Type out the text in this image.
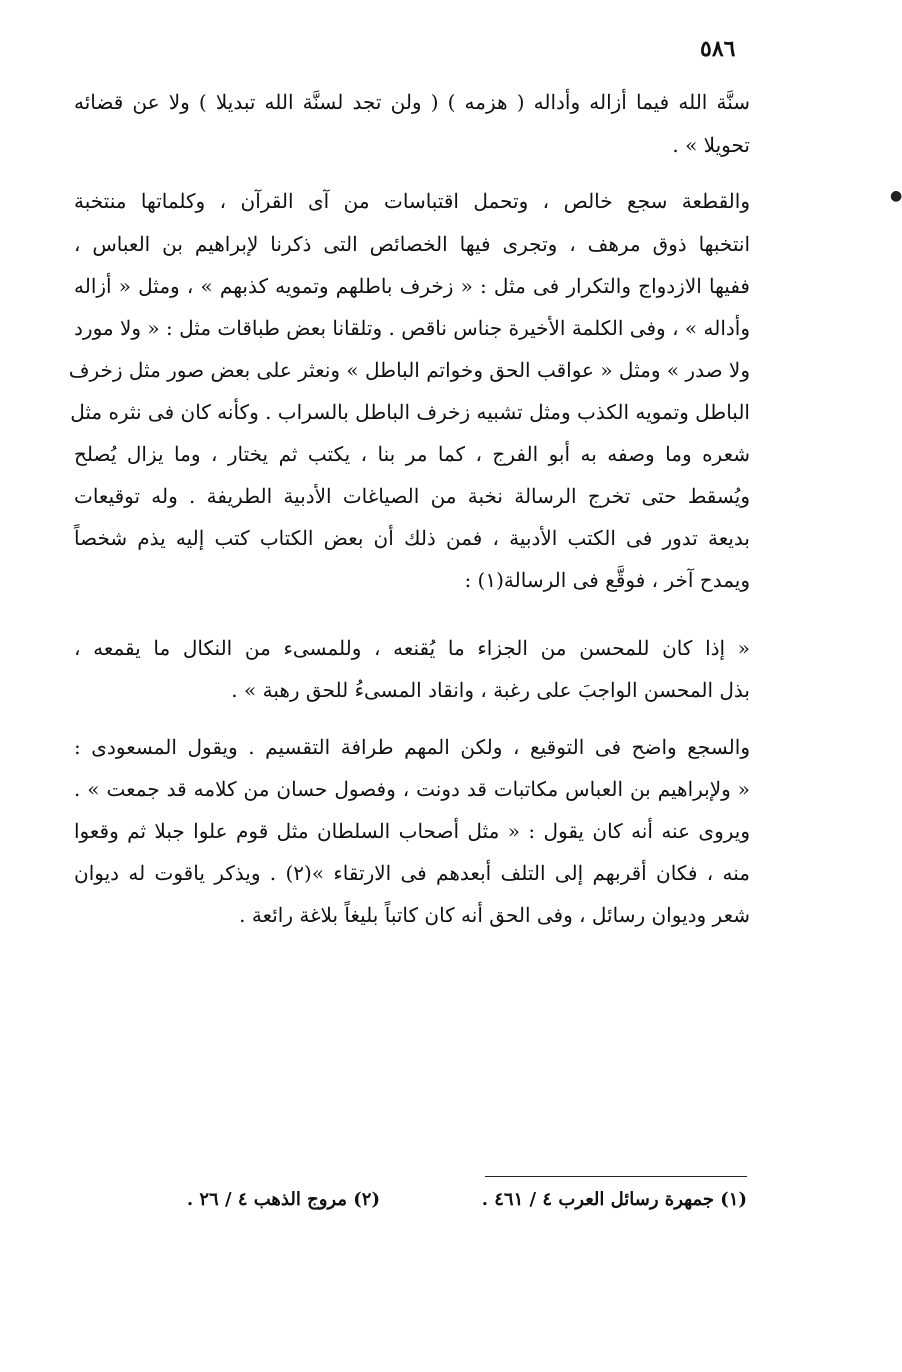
٥٨٦
سنَّة الله فيما أزاله وأداله ( هزمه ) ( ولن تجد لسنَّة الله تبديلا ) ولا عن قضائه
تحويلا » .
والقطعة سجع خالص ، وتحمل اقتباسات من آى القرآن ، وكلماتها منتخبة
انتخبها ذوق مرهف ، وتجرى فيها الخصائص التى ذكرنا لإبراهيم بن العباس ،
ففيها الازدواج والتكرار فى مثل : « زخرف باطلهم وتمويه كذبهم » ، ومثل « أزاله
وأداله » ، وفى الكلمة الأخيرة جناس ناقص . وتلقانا بعض طباقات مثل : « ولا مورد
ولا صدر » ومثل « عواقب الحق وخواتم الباطل » ونعثر على بعض صور مثل زخرف
الباطل وتمويه الكذب ومثل تشبيه زخرف الباطل بالسراب . وكأنه كان فى نثره مثل
شعره وما وصفه به أبو الفرج ، كما مر بنا ، يكتب ثم يختار ، وما يزال يُصلح
ويُسقط حتى تخرج الرسالة نخبة من الصياغات الأدبية الطريفة . وله توقيعات
بديعة تدور فى الكتب الأدبية ، فمن ذلك أن بعض الكتاب كتب إليه يذم شخصاً
ويمدح آخر ، فوقَّع فى الرسالة(١) :
« إذا كان للمحسن من الجزاء ما يُقنعه ، وللمسىء من النكال ما يقمعه ،
بذل المحسن الواجبَ على رغبة ، وانقاد المسىءُ للحق رهبة » .
والسجع واضح فى التوقيع ، ولكن المهم طرافة التقسيم . ويقول المسعودى :
« ولإبراهيم بن العباس مكاتبات قد دونت ، وفصول حسان من كلامه قد جمعت » .
ويروى عنه أنه كان يقول : « مثل أصحاب السلطان مثل قوم علوا جبلا ثم وقعوا
منه ، فكان أقربهم إلى التلف أبعدهم فى الارتقاء »(٢) . ويذكر ياقوت له ديوان
شعر وديوان رسائل ، وفى الحق أنه كان كاتباً بليغاً بلاغة رائعة .
(١) جمهرة رسائل العرب ٤ / ٤٦١ .
(٢) مروج الذهب ٤ / ٢٦ .
●
